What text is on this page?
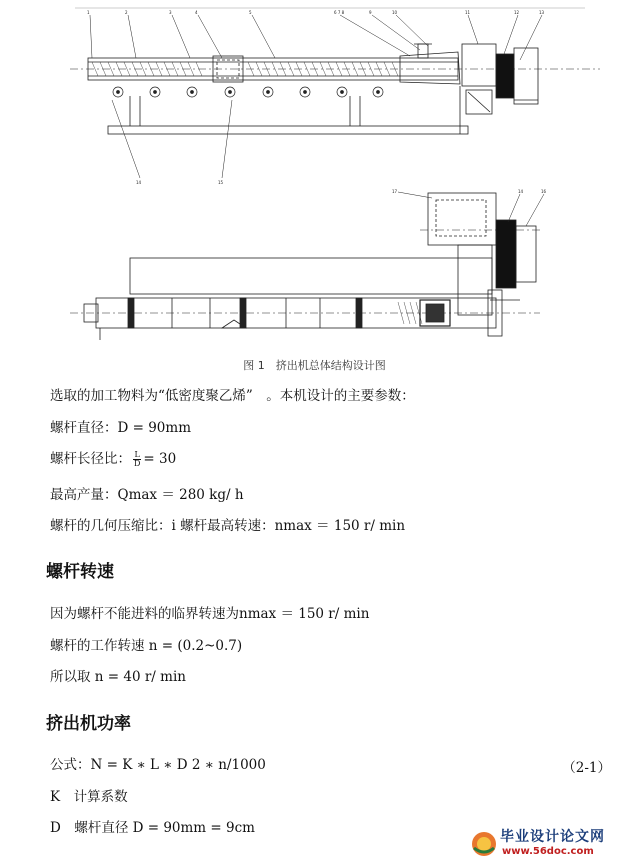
1	2	3	4	5	6 7 8	9	10	11	12	13
14	15
17	14	16
图 1　挤出机总体结构设计图
选取的加工物料为“低密度聚乙烯”　。本机设计的主要参数：
螺杆直径：D = 90mm
螺杆长径比： $\frac{L}{D} = 30$
最高产量：Qmax ＝ 280 kg/ h
螺杆的几何压缩比：i 螺杆最高转速：nmax ＝ 150 r/ min
螺杆转速
因为螺杆不能进料的临界转速为nmax ＝ 150 r/ min
螺杆的工作转速 n = (0.2~0.7)
所以取 n = 40 r/ min
挤出机功率
公式：N = K ∗ L ∗ D 2 ∗ n/1000	（2-1）
K　计算系数
D　螺杆直径 D = 90mm = 9cm
毕业设计论文网
www.56doc.com
